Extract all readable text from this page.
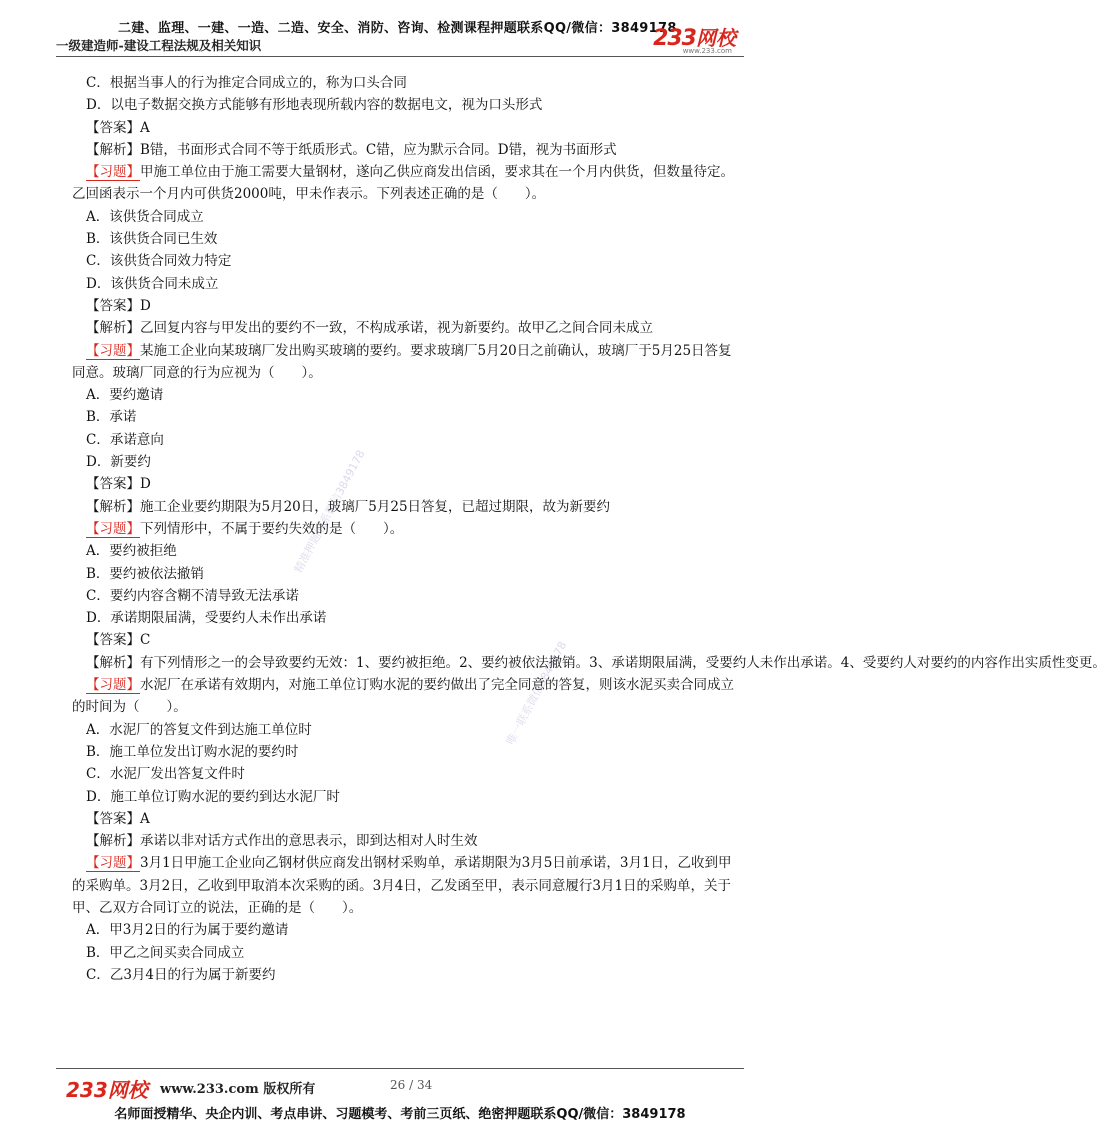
二建、监理、一建、一造、二造、安全、消防、咨询、检测课程押题联系QQ/微信：3849178
一级建造师-建设工程法规及相关知识	233网校
www.233.com
精准押题联系微信3849178
唯一联系微信3849178
C．根据当事人的行为推定合同成立的，称为口头合同
D．以电子数据交换方式能够有形地表现所载内容的数据电文，视为口头形式
【答案】A
【解析】B错，书面形式合同不等于纸质形式。C错，应为默示合同。D错，视为书面形式
【习题】甲施工单位由于施工需要大量钢材，遂向乙供应商发出信函，要求其在一个月内供货，但数量待定。乙回函表示一个月内可供货2000吨，甲未作表示。下列表述正确的是（　　）。
A．该供货合同成立
B．该供货合同已生效
C．该供货合同效力特定
D．该供货合同未成立
【答案】D
【解析】乙回复内容与甲发出的要约不一致，不构成承诺，视为新要约。故甲乙之间合同未成立
【习题】某施工企业向某玻璃厂发出购买玻璃的要约。要求玻璃厂5月20日之前确认，玻璃厂于5月25日答复同意。玻璃厂同意的行为应视为（　　）。
A．要约邀请
B．承诺
C．承诺意向
D．新要约
【答案】D
【解析】施工企业要约期限为5月20日，玻璃厂5月25日答复，已超过期限，故为新要约
【习题】下列情形中，不属于要约失效的是（　　）。
A．要约被拒绝
B．要约被依法撤销
C．要约内容含糊不清导致无法承诺
D．承诺期限届满，受要约人未作出承诺
【答案】C
【解析】有下列情形之一的会导致要约无效：1、要约被拒绝。2、要约被依法撤销。3、承诺期限届满，受要约人未作出承诺。4、受要约人对要约的内容作出实质性变更。
【习题】水泥厂在承诺有效期内，对施工单位订购水泥的要约做出了完全同意的答复，则该水泥买卖合同成立的时间为（　　）。
A．水泥厂的答复文件到达施工单位时
B．施工单位发出订购水泥的要约时
C．水泥厂发出答复文件时
D．施工单位订购水泥的要约到达水泥厂时
【答案】A
【解析】承诺以非对话方式作出的意思表示，即到达相对人时生效
【习题】3月1日甲施工企业向乙钢材供应商发出钢材采购单，承诺期限为3月5日前承诺，3月1日，乙收到甲的采购单。3月2日，乙收到甲取消本次采购的函。3月4日，乙发函至甲，表示同意履行3月1日的采购单，关于甲、乙双方合同订立的说法，正确的是（　　）。
A．甲3月2日的行为属于要约邀请
B．甲乙之间买卖合同成立
C．乙3月4日的行为属于新要约
233网校 www.233.com 版权所有	26 / 34
名师面授精华、央企内训、考点串讲、习题模考、考前三页纸、绝密押题联系QQ/微信：3849178
